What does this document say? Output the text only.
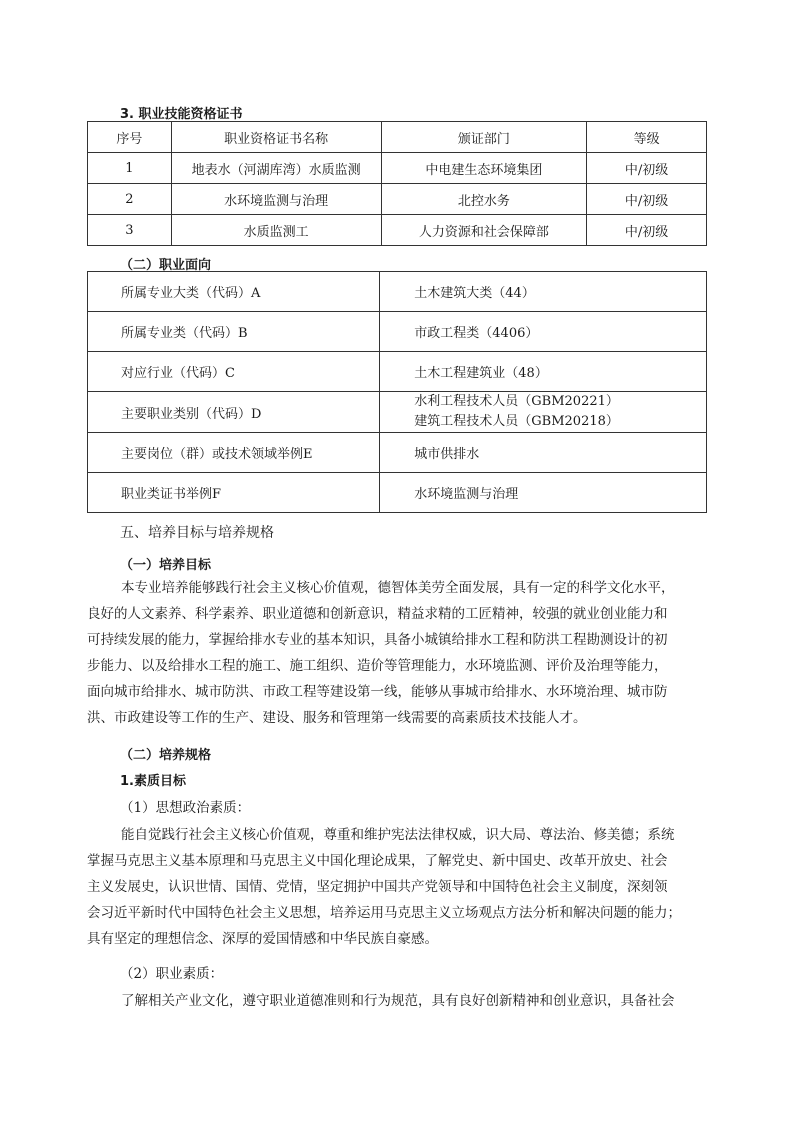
3. 职业技能资格证书
序号	职业资格证书名称	颁证部门	等级
1	地表水（河湖库湾）水质监测	中电建生态环境集团	中/初级
2	水环境监测与治理	北控水务	中/初级
3	水质监测工	人力资源和社会保障部	中/初级
（二）职业面向
所属专业大类（代码）A	土木建筑大类（44）
所属专业类（代码）B	市政工程类（4406）
对应行业（代码）C	土木工程建筑业（48）
主要职业类别（代码）D	水利工程技术人员（GBM20221）
建筑工程技术人员（GBM20218）

主要岗位（群）或技术领域举例E	城市供排水
职业类证书举例F	水环境监测与治理
五、培养目标与培养规格
（一）培养目标
本专业培养能够践行社会主义核心价值观，德智体美劳全面发展，具有一定的科学文化水平，
良好的人文素养、科学素养、职业道德和创新意识，精益求精的工匠精神，较强的就业创业能力和
可持续发展的能力，掌握给排水专业的基本知识，具备小城镇给排水工程和防洪工程勘测设计的初
步能力、以及给排水工程的施工、施工组织、造价等管理能力，水环境监测、评价及治理等能力，
面向城市给排水、城市防洪、市政工程等建设第一线，能够从事城市给排水、水环境治理、城市防
洪、市政建设等工作的生产、建设、服务和管理第一线需要的高素质技术技能人才。
（二）培养规格
1.素质目标
（1）思想政治素质：
能自觉践行社会主义核心价值观，尊重和维护宪法法律权威，识大局、尊法治、修美德；系统
掌握马克思主义基本原理和马克思主义中国化理论成果，了解党史、新中国史、改革开放史、社会
主义发展史，认识世情、国情、党情，坚定拥护中国共产党领导和中国特色社会主义制度，深刻领
会习近平新时代中国特色社会主义思想，培养运用马克思主义立场观点方法分析和解决问题的能力；
具有坚定的理想信念、深厚的爱国情感和中华民族自豪感。
（2）职业素质：
了解相关产业文化，遵守职业道德准则和行为规范，具有良好创新精神和创业意识，具备社会
